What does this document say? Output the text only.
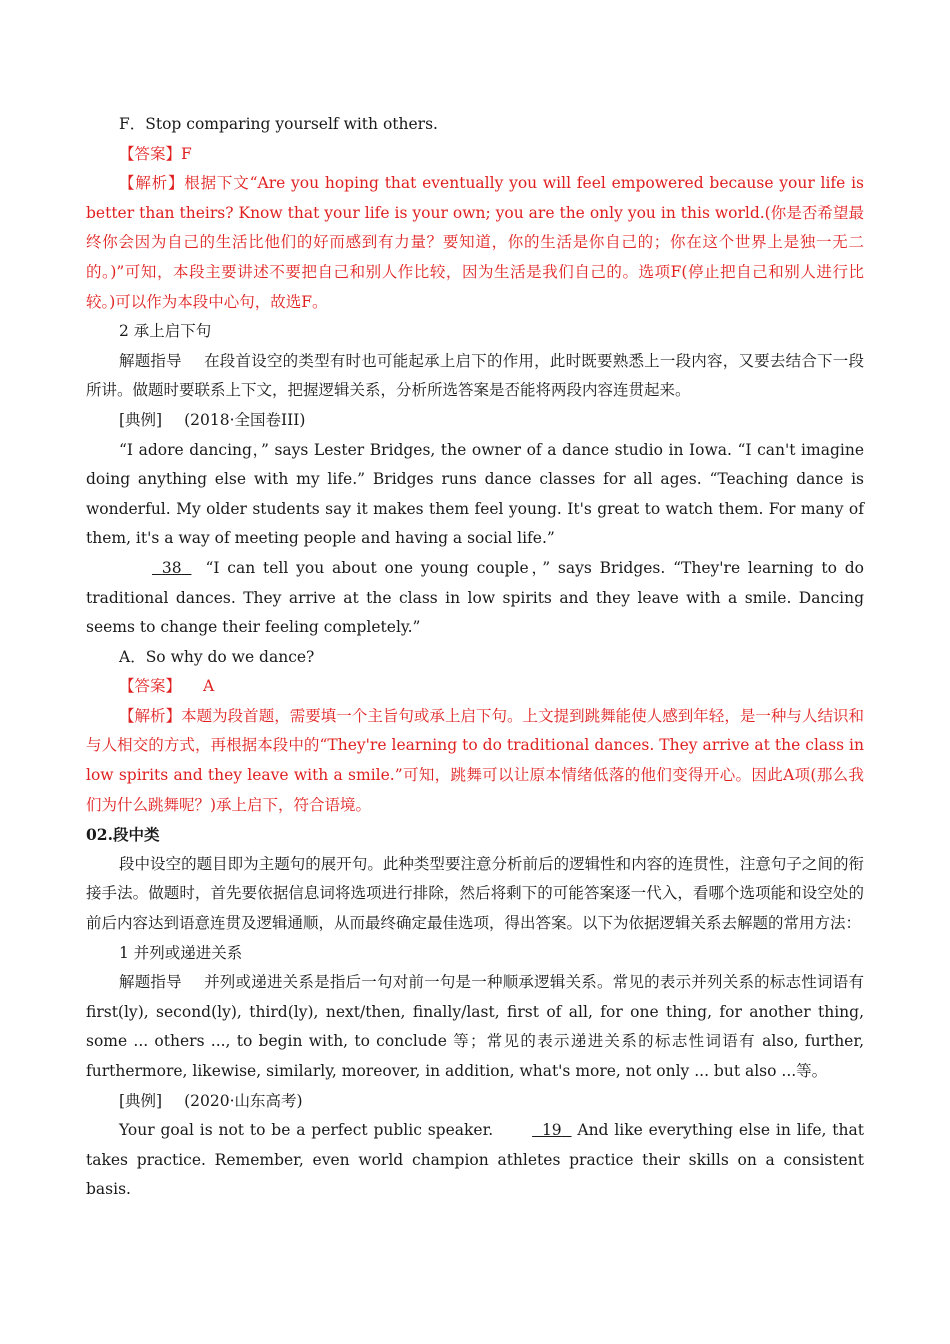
F．Stop comparing yourself with others.

【答案】F

【解析】根据下文“Are you hoping that eventually you will feel empowered because your life is better than theirs? Know that your life is your own; you are the only you in this world.(你是否希望最终你会因为自己的生活比他们的好而感到有力量？要知道，你的生活是你自己的；你在这个世界上是独一无二的。)”可知，本段主要讲述不要把自己和别人作比较，因为生活是我们自己的。选项F(停止把自己和别人进行比较。)可以作为本段中心句，故选F。

2 承上启下句

解题指导 在段首设空的类型有时也可能起承上启下的作用，此时既要熟悉上一段内容，又要去结合下一段所讲。做题时要联系上下文，把握逻辑关系，分析所选答案是否能将两段内容连贯起来。

[典例] (2018·全国卷III)

“I adore dancing，” says Lester Bridges, the owner of a dance studio in Iowa. “I can't imagine doing anything else with my life.” Bridges runs dance classes for all ages. “Teaching dance is wonderful. My older students say it makes them feel young. It's great to watch them. For many of them, it's a way of meeting people and having a social life.”

38 “I can tell you about one young couple，” says Bridges. “They're learning to do traditional dances. They arrive at the class in low spirits and they leave with a smile. Dancing seems to change their feeling completely.”

A．So why do we dance?

【答案】 A

【解析】本题为段首题，需要填一个主旨句或承上启下句。上文提到跳舞能使人感到年轻，是一种与人结识和与人相交的方式，再根据本段中的“They're learning to do traditional dances. They arrive at the class in low spirits and they leave with a smile.”可知，跳舞可以让原本情绪低落的他们变得开心。因此A项(那么我们为什么跳舞呢？)承上启下，符合语境。

02.段中类

段中设空的题目即为主题句的展开句。此种类型要注意分析前后的逻辑性和内容的连贯性，注意句子之间的衔接手法。做题时，首先要依据信息词将选项进行排除，然后将剩下的可能答案逐一代入，看哪个选项能和设空处的前后内容达到语意连贯及逻辑通顺，从而最终确定最佳选项，得出答案。以下为依据逻辑关系去解题的常用方法：

1 并列或递进关系

解题指导 并列或递进关系是指后一句对前一句是一种顺承逻辑关系。常见的表示并列关系的标志性词语有 first(ly), second(ly), third(ly), next/then, finally/last, first of all, for one thing, for another thing, some ... others ..., to begin with, to conclude 等；常见的表示递进关系的标志性词语有 also, further, furthermore, likewise, similarly, moreover, in addition, what's more, not only ... but also ...等。

[典例] (2020·山东高考)

Your goal is not to be a perfect public speaker.	19 And like everything else in life, that takes practice. Remember, even world champion athletes practice their skills on a consistent basis.
